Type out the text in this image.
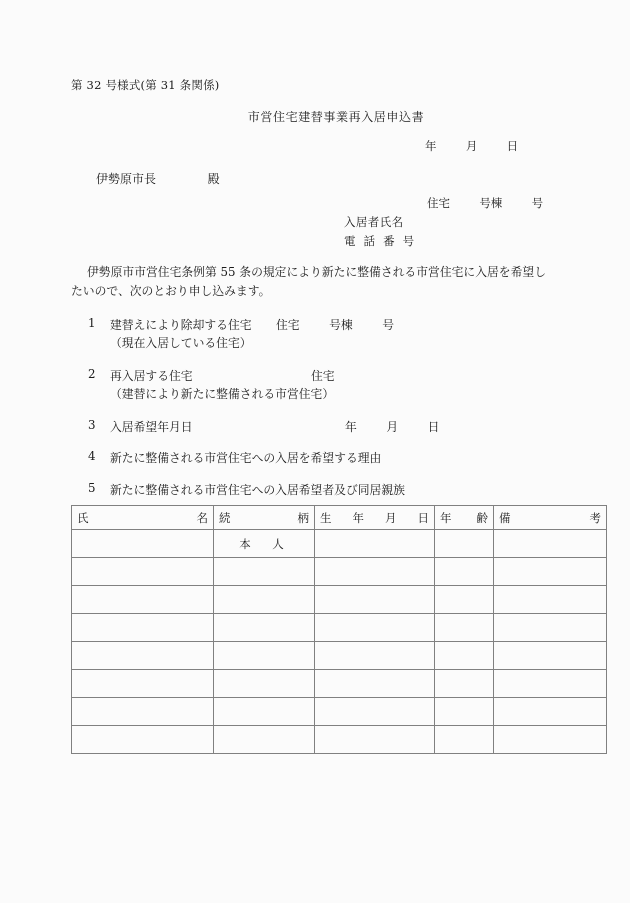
第 32 号様式(第 31 条関係)
市営住宅建替事業再入居申込書
年	月	日
伊勢原市長	殿
住宅	号棟	号
入居者氏名
電 話 番 号
伊勢原市市営住宅条例第 55 条の規定により新たに整備される市営住宅に入居を希望したいので、次のとおり申し込みます。
1	建替えにより除却する住宅
（現在入居している住宅）
住宅	号棟	号
2	再入居する住宅
（建替により新たに整備される市営住宅）
住宅
3	入居希望年月日	年	月	日
4	新たに整備される市営住宅への入居を希望する理由
5	新たに整備される市営住宅への入居希望者及び同居親族
氏 名	続 柄	生 年 月 日	年 齢	備 考

	本　人			
